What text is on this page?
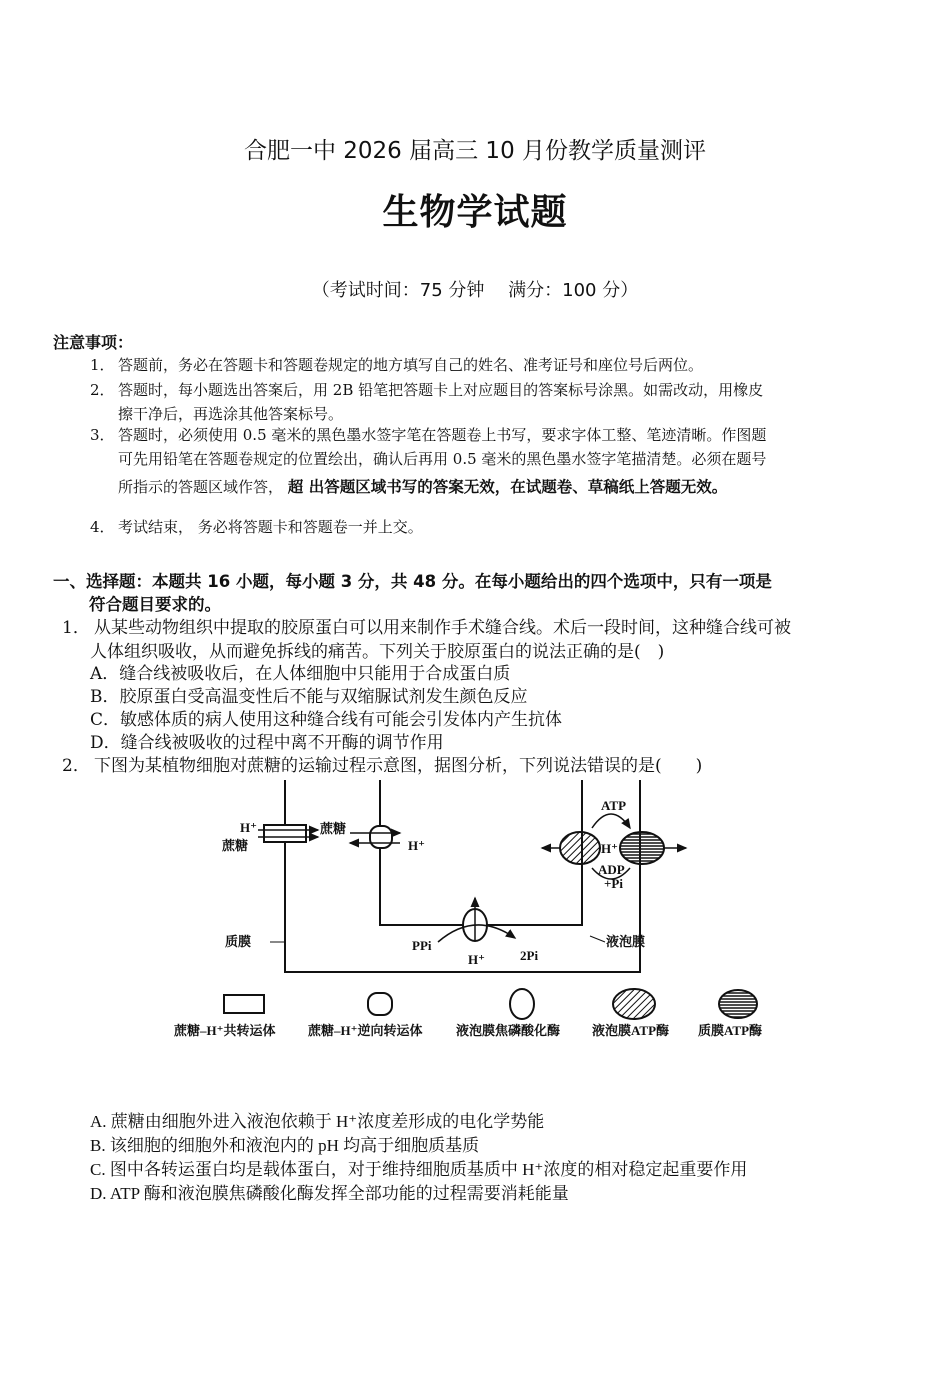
合肥一中 2026 届高三 10 月份教学质量测评
生物学试题
（考试时间：75 分钟　 满分：100 分）
注意事项：
1． 答题前，务必在答题卡和答题卷规定的地方填写自己的姓名、准考证号和座位号后两位。
2． 答题时，每小题选出答案后，用 2B 铅笔把答题卡上对应题目的答案标号涂黑。如需改动，用橡皮
擦干净后，再选涂其他答案标号。
3． 答题时，必须使用 0.5 毫米的黑色墨水签字笔在答题卷上书写，要求字体工整、笔迹清晰。作图题
可先用铅笔在答题卷规定的位置绘出，确认后再用 0.5 毫米的黑色墨水签字笔描清楚。必须在题号
所指示的答题区域作答， 超 出答题区域书写的答案无效，在试题卷、草稿纸上答题无效。
4． 考试结束， 务必将答题卡和答题卷一并上交。
一、选择题：本题共 16 小题，每小题 3 分，共 48 分。在每小题给出的四个选项中，只有一项是
符合题目要求的。
1． 从某些动物组织中提取的胶原蛋白可以用来制作手术缝合线。术后一段时间，这种缝合线可被
人体组织吸收，从而避免拆线的痛苦。下列关于胶原蛋白的说法正确的是(　)
A．缝合线被吸收后，在人体细胞中只能用于合成蛋白质
B．胶原蛋白受高温变性后不能与双缩脲试剂发生颜色反应
C．敏感体质的病人使用这种缝合线有可能会引发体内产生抗体
D．缝合线被吸收的过程中离不开酶的调节作用
2． 下图为某植物细胞对蔗糖的运输过程示意图，据图分析，下列说法错误的是(　　)
H⁺
蔗糖
蔗糖
H⁺
ATP
H⁺
ADP
+Pi
PPi
H⁺	2Pi
质膜	液泡膜
蔗糖–H⁺共转运体	蔗糖–H⁺逆向转运体	液泡膜焦磷酸化酶 液泡膜ATP酶 质膜ATP酶
A. 蔗糖由细胞外进入液泡依赖于 H⁺浓度差形成的电化学势能
B. 该细胞的细胞外和液泡内的 pH 均高于细胞质基质
C. 图中各转运蛋白均是载体蛋白，对于维持细胞质基质中 H⁺浓度的相对稳定起重要作用
D. ATP 酶和液泡膜焦磷酸化酶发挥全部功能的过程需要消耗能量
